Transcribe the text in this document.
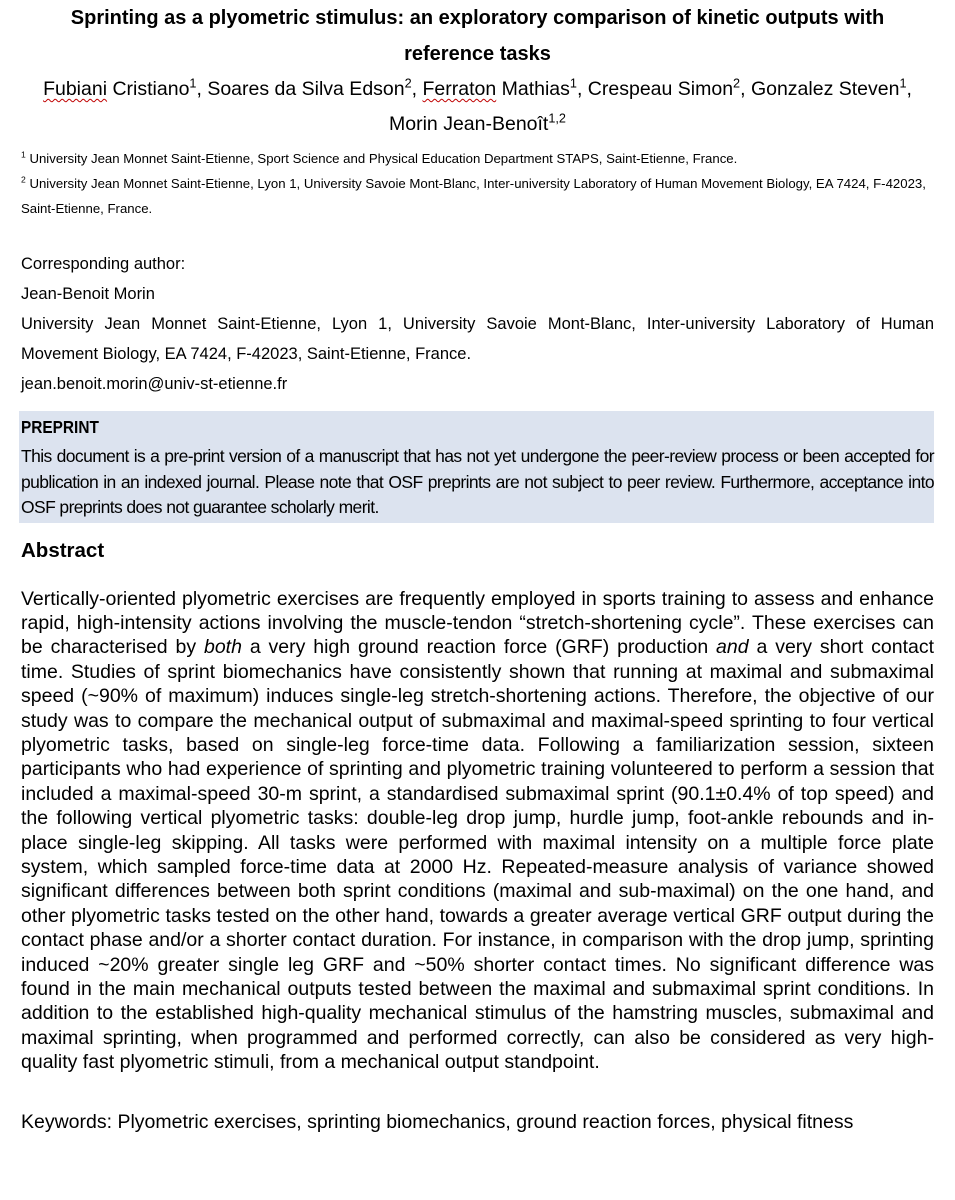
Sprinting as a plyometric stimulus: an exploratory comparison of kinetic outputs with
reference tasks
Fubiani Cristiano$^1$, Soares da Silva Edson$^2$, Ferraton Mathias$^1$, Crespeau Simon$^2$, Gonzalez Steven$^1$, Morin Jean-Benoît$^{1,2}$
$^1$ University Jean Monnet Saint-Etienne, Sport Science and Physical Education Department STAPS, Saint-Etienne, France.
$^2$ University Jean Monnet Saint-Etienne, Lyon 1, University Savoie Mont-Blanc, Inter-university Laboratory of Human Movement Biology, EA 7424, F-42023, Saint-Etienne, France.
Corresponding author:
Jean-Benoit Morin
University Jean Monnet Saint-Etienne, Lyon 1, University Savoie Mont-Blanc, Inter-university Laboratory of Human Movement Biology, EA 7424, F-42023, Saint-Etienne, France.
jean.benoit.morin@univ-st-etienne.fr
PREPRINT
This document is a pre-print version of a manuscript that has not yet undergone the peer-review process or been accepted for publication in an indexed journal. Please note that OSF preprints are not subject to peer review. Furthermore, acceptance into OSF preprints does not guarantee scholarly merit.
Abstract
Vertically-oriented plyometric exercises are frequently employed in sports training to assess and enhance rapid, high-intensity actions involving the muscle-tendon “stretch-shortening cycle”. These exercises can be characterised by both a very high ground reaction force (GRF) production and a very short contact time. Studies of sprint biomechanics have consistently shown that running at maximal and submaximal speed (~90% of maximum) induces single-leg stretch-shortening actions. Therefore, the objective of our study was to compare the mechanical output of submaximal and maximal-speed sprinting to four vertical plyometric tasks, based on single-leg force-time data. Following a familiarization session, sixteen participants who had experience of sprinting and plyometric training volunteered to perform a session that included a maximal-speed 30-m sprint, a standardised submaximal sprint (90.1±0.4% of top speed) and the following vertical plyometric tasks: double-leg drop jump, hurdle jump, foot-ankle rebounds and in-place single-leg skipping. All tasks were performed with maximal intensity on a multiple force plate system, which sampled force-time data at 2000 Hz. Repeated-measure analysis of variance showed significant differences between both sprint conditions (maximal and sub-maximal) on the one hand, and other plyometric tasks tested on the other hand, towards a greater average vertical GRF output during the contact phase and/or a shorter contact duration. For instance, in comparison with the drop jump, sprinting induced ~20% greater single leg GRF and ~50% shorter contact times. No significant difference was found in the main mechanical outputs tested between the maximal and submaximal sprint conditions. In addition to the established high-quality mechanical stimulus of the hamstring muscles, submaximal and maximal sprinting, when programmed and performed correctly, can also be considered as very high-quality fast plyometric stimuli, from a mechanical output standpoint.
Keywords: Plyometric exercises, sprinting biomechanics, ground reaction forces, physical fitness
